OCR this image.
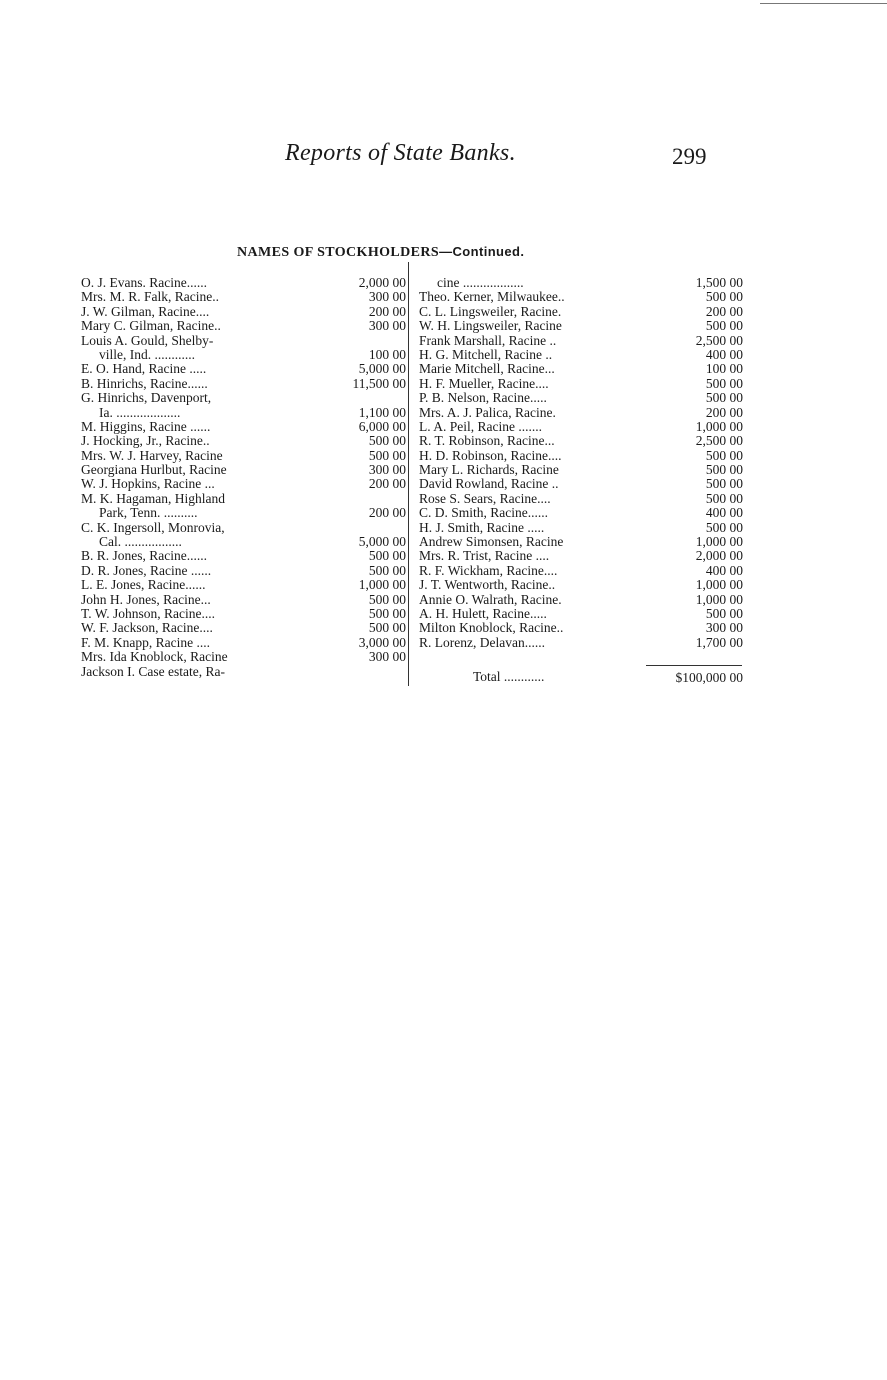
Reports of State Banks.	299
NAMES OF STOCKHOLDERS—Continued.
O. J. Evans. Racine......	2,000 00
Mrs. M. R. Falk, Racine..	300 00
J. W. Gilman, Racine....	200 00
Mary C. Gilman, Racine..	300 00
Louis A. Gould, Shelby-
ville, Ind. ............	100 00
E. O. Hand, Racine .....	5,000 00
B. Hinrichs, Racine......	11,500 00
G. Hinrichs, Davenport,
Ia. ...................	1,100 00
M. Higgins, Racine ......	6,000 00
J. Hocking, Jr., Racine..	500 00
Mrs. W. J. Harvey, Racine	500 00
Georgiana Hurlbut, Racine	300 00
W. J. Hopkins, Racine ...	200 00
M. K. Hagaman, Highland
Park, Tenn. ..........	200 00
C. K. Ingersoll, Monrovia,
Cal. .................	5,000 00
B. R. Jones, Racine......	500 00
D. R. Jones, Racine ......	500 00
L. E. Jones, Racine......	1,000 00
John H. Jones, Racine...	500 00
T. W. Johnson, Racine....	500 00
W. F. Jackson, Racine....	500 00
F. M. Knapp, Racine ....	3,000 00
Mrs. Ida Knoblock, Racine	300 00
Jackson I. Case estate, Ra-
cine ..................	1,500 00
Theo. Kerner, Milwaukee..	500 00
C. L. Lingsweiler, Racine.	200 00
W. H. Lingsweiler, Racine	500 00
Frank Marshall, Racine ..	2,500 00
H. G. Mitchell, Racine ..	400 00
Marie Mitchell, Racine...	100 00
H. F. Mueller, Racine....	500 00
P. B. Nelson, Racine.....	500 00
Mrs. A. J. Palica, Racine.	200 00
L. A. Peil, Racine .......	1,000 00
R. T. Robinson, Racine...	2,500 00
H. D. Robinson, Racine....	500 00
Mary L. Richards, Racine	500 00
David Rowland, Racine ..	500 00
Rose S. Sears, Racine....	500 00
C. D. Smith, Racine......	400 00
H. J. Smith, Racine .....	500 00
Andrew Simonsen, Racine	1,000 00
Mrs. R. Trist, Racine ....	2,000 00
R. F. Wickham, Racine....	400 00
J. T. Wentworth, Racine..	1,000 00
Annie O. Walrath, Racine.	1,000 00
A. H. Hulett, Racine.....	500 00
Milton Knoblock, Racine..	300 00
R. Lorenz, Delavan......	1,700 00
Total ............	$100,000 00
